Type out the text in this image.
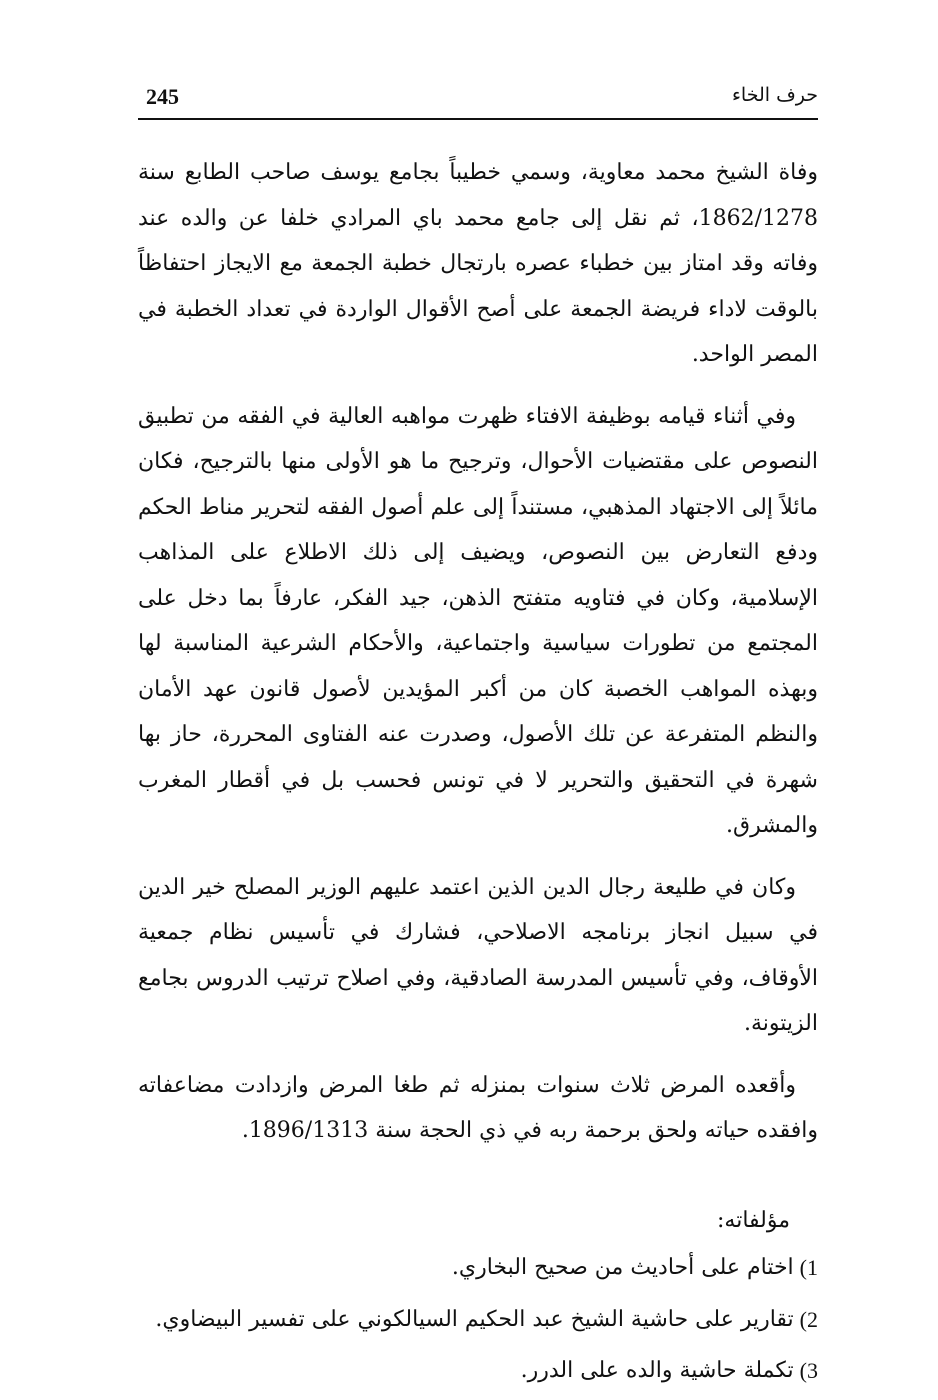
245	حرف الخاء

وفاة الشيخ محمد معاوية، وسمي خطيباً بجامع يوسف صاحب الطابع سنة 1862/1278، ثم نقل إلى جامع محمد باي المرادي خلفا عن والده عند وفاته وقد امتاز بين خطباء عصره بارتجال خطبة الجمعة مع الايجاز احتفاظاً بالوقت لاداء فريضة الجمعة على أصح الأقوال الواردة في تعداد الخطبة في المصر الواحد.

وفي أثناء قيامه بوظيفة الافتاء ظهرت مواهبه العالية في الفقه من تطبيق النصوص على مقتضيات الأحوال، وترجيح ما هو الأولى منها بالترجيح، فكان مائلاً إلى الاجتهاد المذهبي، مستنداً إلى علم أصول الفقه لتحرير مناط الحكم ودفع التعارض بين النصوص، ويضيف إلى ذلك الاطلاع على المذاهب الإسلامية، وكان في فتاويه متفتح الذهن، جيد الفكر، عارفاً بما دخل على المجتمع من تطورات سياسية واجتماعية، والأحكام الشرعية المناسبة لها وبهذه المواهب الخصبة كان من أكبر المؤيدين لأصول قانون عهد الأمان والنظم المتفرعة عن تلك الأصول، وصدرت عنه الفتاوى المحررة، حاز بها شهرة في التحقيق والتحرير لا في تونس فحسب بل في أقطار المغرب والمشرق.

وكان في طليعة رجال الدين الذين اعتمد عليهم الوزير المصلح خير الدين في سبيل انجاز برنامجه الاصلاحي، فشارك في تأسيس نظام جمعية الأوقاف، وفي تأسيس المدرسة الصادقية، وفي اصلاح ترتيب الدروس بجامع الزيتونة.

وأقعده المرض ثلاث سنوات بمنزله ثم طغا المرض وازدادت مضاعفاته وافقده حياته ولحق برحمة ربه في ذي الحجة سنة 1896/1313.

مؤلفاته:

1)
اختام على أحاديث من صحيح البخاري.
2)
تقارير على حاشية الشيخ عبد الحكيم السيالكوني على تفسير البيضاوي.
3)
تكملة حاشية والده على الدرر.
